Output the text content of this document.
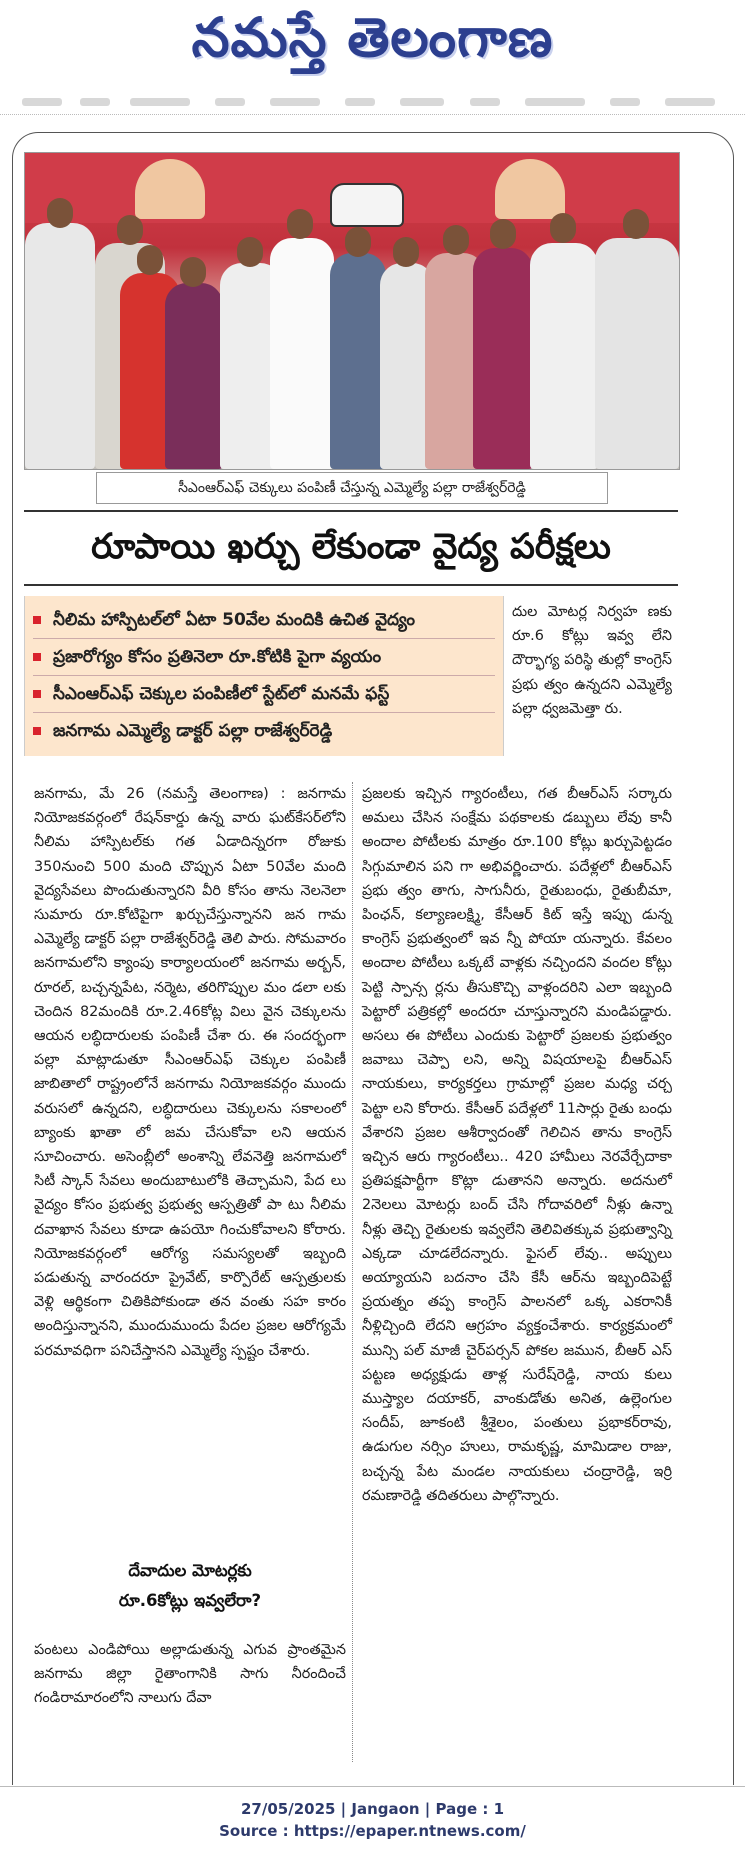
నమస్తే తెలంగాణ
సీఎంఆర్ఎఫ్ చెక్కులు పంపిణీ చేస్తున్న ఎమ్మెల్యే పల్లా రాజేశ్వర్‌రెడ్డి
రూపాయి ఖర్చు లేకుండా వైద్య పరీక్షలు
నీలిమ హాస్పిటల్‌లో ఏటా 50వేల మందికి ఉచిత వైద్యం
ప్రజారోగ్యం కోసం ప్రతినెలా రూ.కోటికి పైగా వ్యయం
సీఎంఆర్ఎఫ్ చెక్కుల పంపిణీలో స్టేట్‌లో మనమే ఫస్ట్
జనగామ ఎమ్మెల్యే డాక్టర్ పల్లా రాజేశ్వర్‌రెడ్డి

దుల మోటర్ల నిర్వహ ణకు రూ.6 కోట్లు ఇవ్వ లేని దౌర్భాగ్య పరిస్థి తుల్లో కాంగ్రెస్ ప్రభు త్వం ఉన్నదని ఎమ్మెల్యే పల్లా ధ్వజమెత్తా రు.

జనగామ, మే 26 (నమస్తే తెలంగాణ) : జనగామ నియోజకవర్గంలో రేషన్‌కార్డు ఉన్న వారు ఘట్‌కేసర్‌లోని నీలిమ హాస్పిటల్‌కు గత ఏడాదిన్నరగా రోజుకు 350నుంచి 500 మంది చొప్పున ఏటా 50వేల మంది వైద్యసేవలు పొందుతున్నారని వీరి కోసం తాను నెలనెలా సుమారు రూ.కోటిపైగా ఖర్చుచేస్తున్నానని జన గామ ఎమ్మెల్యే డాక్టర్ పల్లా రాజేశ్వర్‌రెడ్డి తెలి పారు. సోమవారం జనగామలోని క్యాంపు కార్యాలయంలో జనగామ అర్బన్, రూరల్, బచ్చన్నపేట, నర్మెట, తరిగొప్పుల మం డలా లకు చెందిన 82మందికి రూ.2.46కోట్ల విలు వైన చెక్కులను ఆయన లబ్ధిదారులకు పంపిణీ చేశా రు. ఈ సందర్భంగా పల్లా మాట్లాడుతూ సీఎంఆర్ఎఫ్ చెక్కుల పంపిణీ జాబితాలో రాష్ట్రంలోనే జనగామ నియోజకవర్గం ముందు వరుసలో ఉన్నదని, లబ్ధిదారులు చెక్కులను సకాలంలో బ్యాంకు ఖాతా లో జమ చేసుకోవా లని ఆయన సూచించారు. అసెంబ్లీలో అంశాన్ని లేవనెత్తి జనగామలో సిటీ స్కాన్ సేవలు అందుబాటులోకి తెచ్చామని, పేద లు వైద్యం కోసం ప్రభుత్వ ప్రభుత్వ ఆస్పత్రితో పా టు నీలిమ దవాఖాన సేవలు కూడా ఉపయో గించుకోవాలని కోరారు. నియోజకవర్గంలో ఆరోగ్య సమస్యలతో ఇబ్బంది పడుతున్న వారందరూ ప్రైవేట్, కార్పొరేట్ ఆస్పత్రులకు వెళ్లి ఆర్థికంగా చితికిపోకుండా తన వంతు సహ కారం అందిస్తున్నానని, ముందుముందు పేదల ప్రజల ఆరోగ్యమే పరమావధిగా పనిచేస్తానని ఎమ్మెల్యే స్పష్టం చేశారు.

దేవాదుల మోటర్లకు
రూ.6కోట్లు ఇవ్వలేరా?

పంటలు ఎండిపోయి అల్లాడుతున్న ఎగువ ప్రాంతమైన జనగామ జిల్లా రైతాంగానికి సాగు నీరందించే గండిరామారంలోని నాలుగు దేవా

ప్రజలకు ఇచ్చిన గ్యారంటీలు, గత బీఆర్ఎస్ సర్కారు అమలు చేసిన సంక్షేమ పథకాలకు డబ్బులు లేవు కానీ అందాల పోటీలకు మాత్రం రూ.100 కోట్లు ఖర్చుపెట్టడం సిగ్గుమాలిన పని గా అభివర్ణించారు. పదేళ్లలో బీఆర్ఎస్ ప్రభు త్వం తాగు, సాగునీరు, రైతుబంధు, రైతుబీమా, పింఛన్, కల్యాణలక్ష్మి, కేసీఆర్ కిట్ ఇస్తే ఇప్పు డున్న కాంగ్రెస్ ప్రభుత్వంలో ఇవ న్నీ పోయా యన్నారు. కేవలం అందాల పోటీలు ఒక్కటే వాళ్లకు నచ్చిందని వందల కోట్లు పెట్టి స్పాన్స ర్లను తీసుకొచ్చి వాళ్లందరిని ఎలా ఇబ్బంది పెట్టారో పత్రికల్లో అందరూ చూస్తున్నారని మండిపడ్డారు. అసలు ఈ పోటీలు ఎందుకు పెట్టారో ప్రజలకు ప్రభుత్వం జవాబు చెప్పా లని, అన్ని విషయాలపై బీఆర్ఎస్ నాయకులు, కార్యకర్తలు గ్రామాల్లో ప్రజల మధ్య చర్చ పెట్టా లని కోరారు. కేసీఆర్ పదేళ్లలో 11సార్లు రైతు బంధు వేశారని ప్రజల ఆశీర్వాదంతో గెలిచిన తాను కాంగ్రెస్ ఇచ్చిన ఆరు గ్యారంటీలు.. 420 హామీలు నెరవేర్చేదాకా ప్రతిపక్షపార్టీగా కొట్లా డుతానని అన్నారు. అదనులో 2నెలలు మోటర్లు బంద్ చేసి గోదావరిలో నీళ్లు ఉన్నా నీళ్లు తెచ్చి రైతులకు ఇవ్వలేని తెలివితక్కువ ప్రభుత్వాన్ని ఎక్కడా చూడలేదన్నారు. ఫైసల్ లేవు.. అప్పులు అయ్యాయని బదనాం చేసి కేసీ ఆర్‌ను ఇబ్బందిపెట్టే ప్రయత్నం తప్ప కాంగ్రెస్ పాలనలో ఒక్క ఎకరానికీ నీళ్లిచ్చింది లేదని ఆగ్రహం వ్యక్తంచేశారు. కార్యక్రమంలో మున్సి పల్ మాజీ చైర్‌పర్సన్ పోకల జమున, బీఆర్ ఎస్ పట్టణ అధ్యక్షుడు తాళ్ల సురేష్‌రెడ్డి, నాయ కులు ముస్త్యాల దయాకర్, వాంకుడోతు అనిత, ఉల్లెంగుల సందీప్, జూకంటి శ్రీశైలం, పంతులు ప్రభాకర్‌రావు, ఉడుగుల నర్సిం హులు, రామకృష్ణ, మామిడాల రాజు, బచ్చన్న పేట మండల నాయకులు చంద్రారెడ్డి, ఇర్రి రమణారెడ్డి తదితరులు పాల్గొన్నారు.

27/05/2025 | Jangaon | Page : 1
Source : https://epaper.ntnews.com/
